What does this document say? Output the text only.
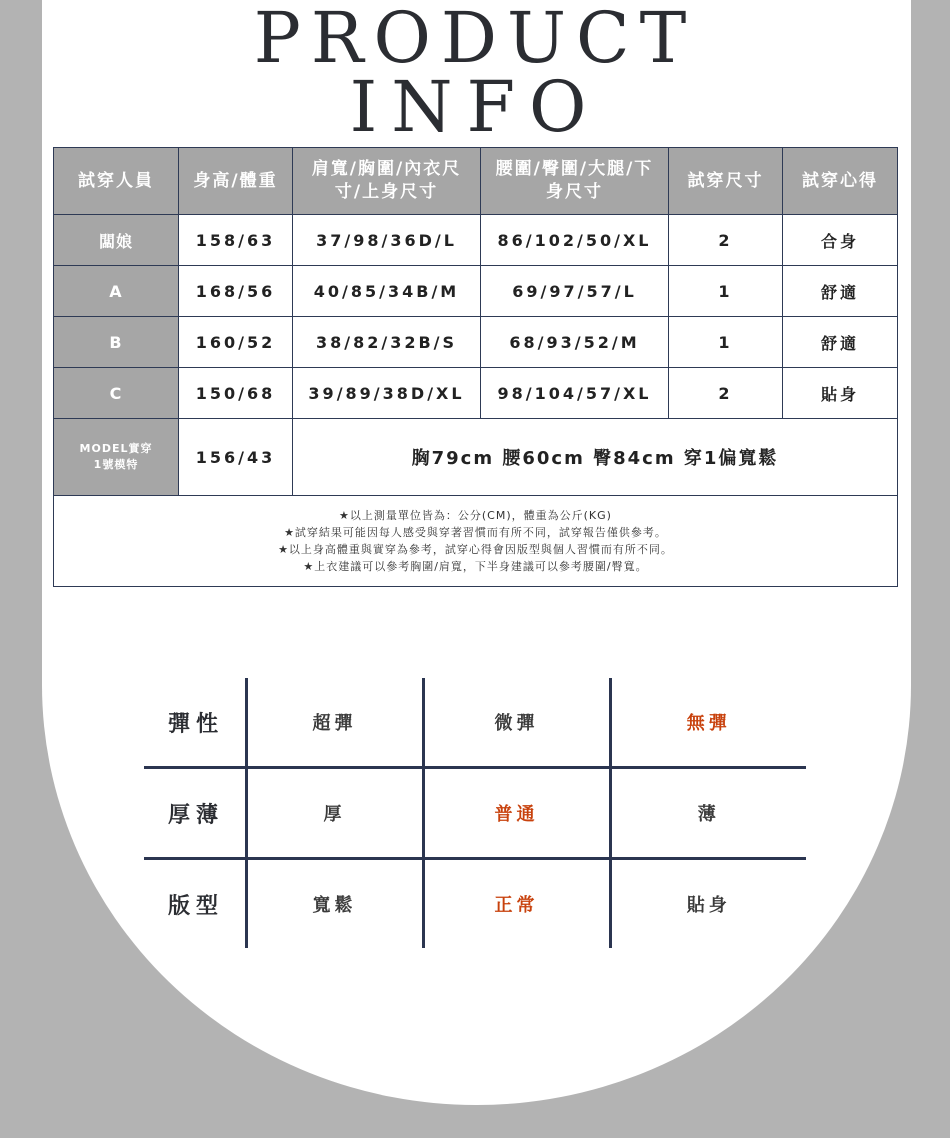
PRODUCT
INFO
試穿人員	身高/體重	肩寬/胸圍/內衣尺寸/上身尺寸	腰圍/臀圍/大腿/下身尺寸	試穿尺寸	試穿心得
闆娘	158/63	37/98/36D/L	86/102/50/XL	2	合身
A	168/56	40/85/34B/M	69/97/57/L	1	舒適
B	160/52	38/82/32B/S	68/93/52/M	1	舒適
C	150/68	39/89/38D/XL	98/104/57/XL	2	貼身

MODEL實穿
1號模特	156/43	胸79cm 腰60cm 臀84cm 穿1偏寬鬆			

★以上測量單位皆為：公分(CM)，體重為公斤(KG)
★試穿結果可能因每人感受與穿著習慣而有所不同，試穿報告僅供參考。
★以上身高體重與實穿為參考，試穿心得會因版型與個人習慣而有所不同。
★上衣建議可以參考胸圍/肩寬，下半身建議可以參考腰圍/臀寬。					
彈性	超彈	微彈	無彈
厚薄	厚	普通	薄
版型	寬鬆	正常	貼身
